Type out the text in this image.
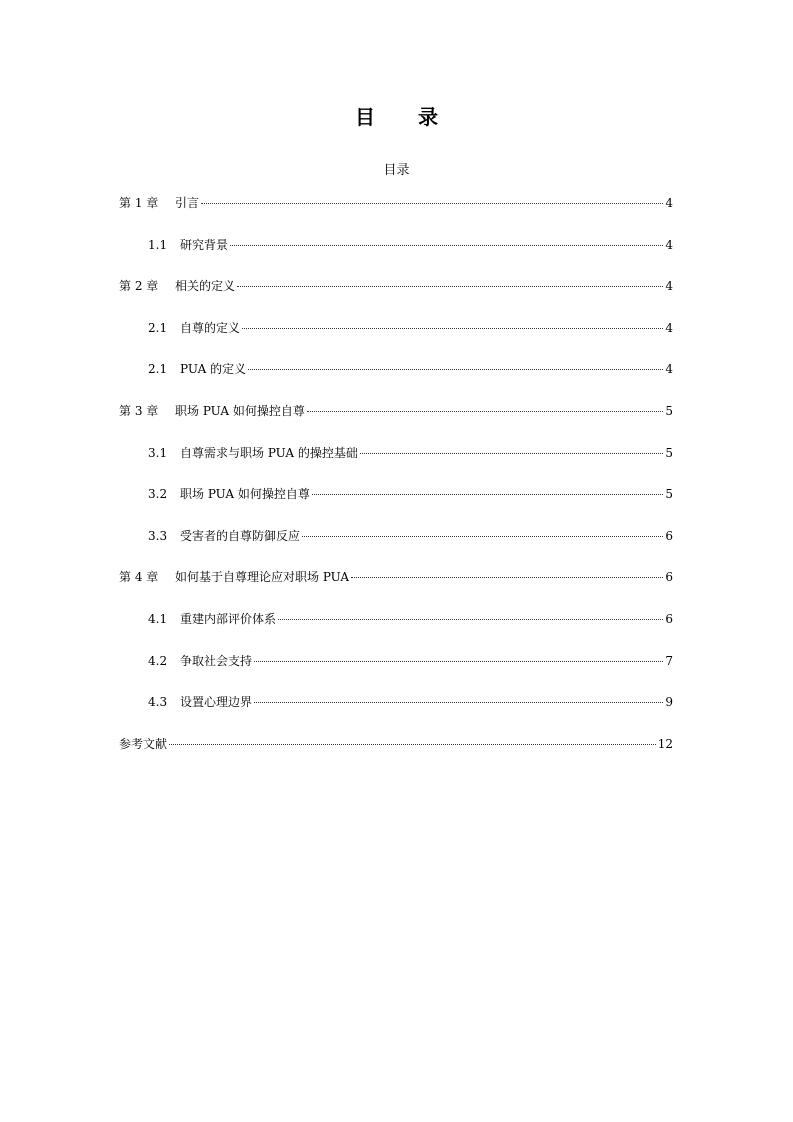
目 录
目录
第 1 章	引言	4
1.1	研究背景	4
第 2 章	相关的定义	4
2.1	自尊的定义	4
2.1	PUA 的定义	4
第 3 章	职场 PUA 如何操控自尊	5
3.1	自尊需求与职场 PUA 的操控基础	5
3.2	职场 PUA 如何操控自尊	5
3.3	受害者的自尊防御反应	6
第 4 章	如何基于自尊理论应对职场 PUA	6
4.1	重建内部评价体系	6
4.2	争取社会支持	7
4.3	设置心理边界	9
参考文献	12
